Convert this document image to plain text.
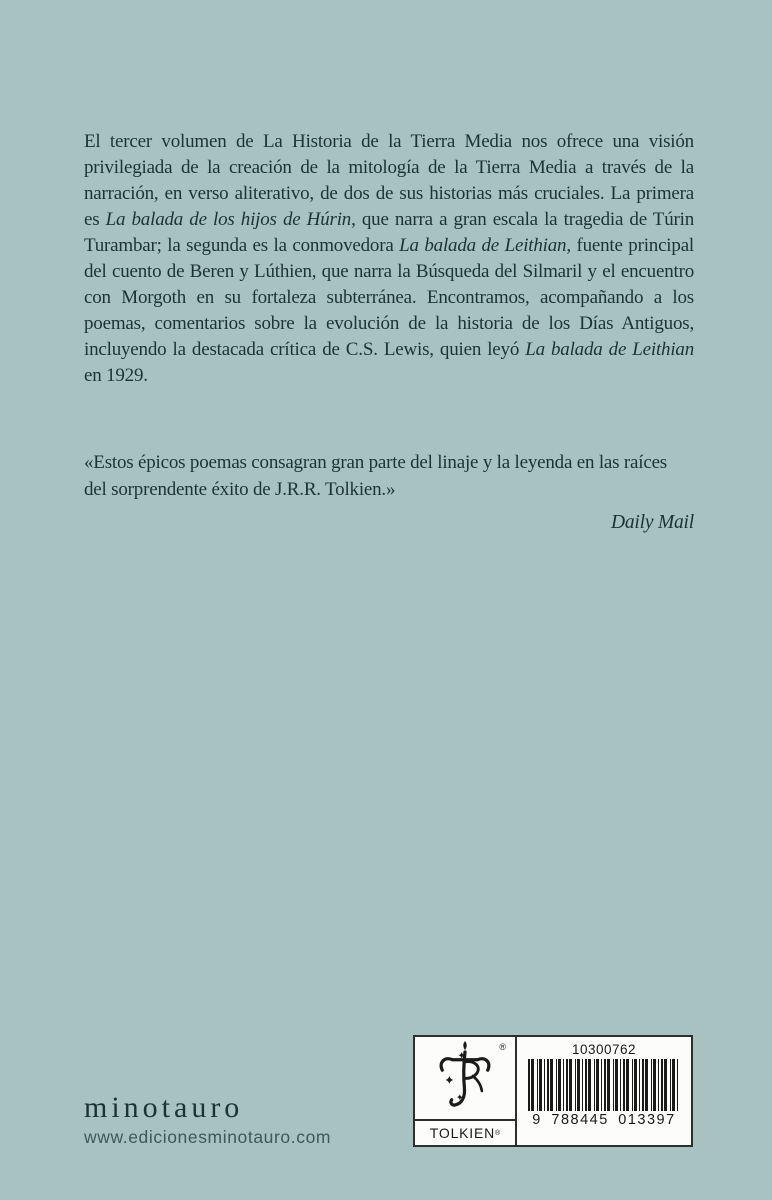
El tercer volumen de La Historia de la Tierra Media nos ofrece una visión privilegiada de la creación de la mitología de la Tierra Media a través de la narración, en verso aliterativo, de dos de sus historias más cruciales. La primera es La balada de los hijos de Húrin, que narra a gran escala la tragedia de Túrin Turambar; la segunda es la conmovedora La balada de Leithian, fuente principal del cuento de Beren y Lúthien, que narra la Búsqueda del Silmaril y el encuentro con Morgoth en su fortaleza subterránea. Encontramos, acompañando a los poemas, comentarios sobre la evolución de la historia de los Días Antiguos, incluyendo la destacada crítica de C.S. Lewis, quien leyó La balada de Leithian en 1929.
«Estos épicos poemas consagran gran parte del linaje y la leyenda en las raíces del sorprendente éxito de J.R.R. Tolkien.»
Daily Mail
minotauro
www.edicionesminotauro.com
®
TOLKIEN ®
10300762
9 788445 013397
